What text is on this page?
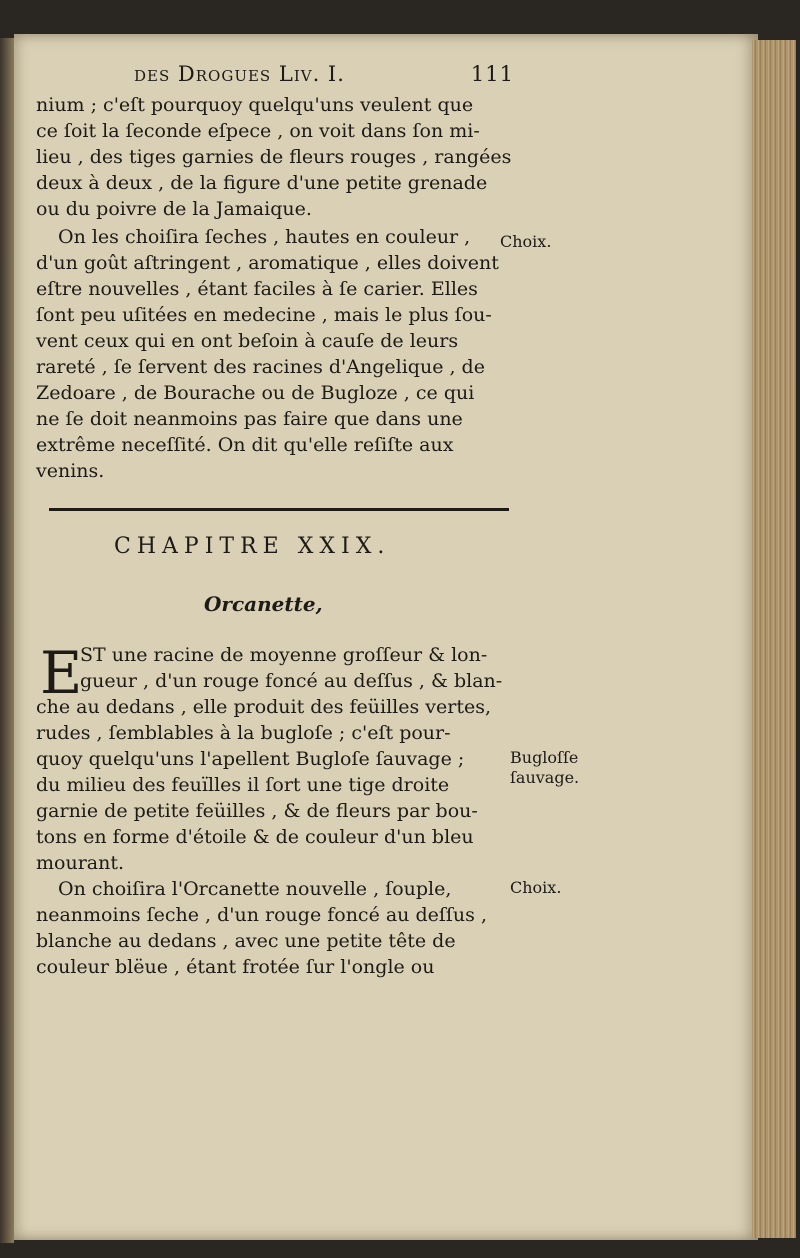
des Drogues Liv. I.	111
nium ; c'eſt pourquoy quelqu'uns veulent que
ce ſoit la ſeconde eſpece , on voit dans ſon mi-
lieu , des tiges garnies de fleurs rouges , rangées
deux à deux , de la figure d'une petite grenade
ou du poivre de la Jamaique.
On les choiſira ſeches , hautes en couleur ,
d'un goût aſtringent , aromatique , elles doivent
eſtre nouvelles , étant faciles à ſe carier. Elles
ſont peu uſitées en medecine , mais le plus ſou-
vent ceux qui en ont beſoin à cauſe de leurs
rareté , ſe ſervent des racines d'Angelique , de
Zedoare , de Bourache ou de Bugloze , ce qui
ne ſe doit neanmoins pas faire que dans une
extrême neceſſité. On dit qu'elle reſiſte aux
venins.
Choix.
CHAPITRE XXIX.
Orcanette,
E
ST une racine de moyenne groſſeur & lon-
gueur , d'un rouge foncé au deſſus , & blan-
che au dedans , elle produit des feüilles vertes,
rudes , ſemblables à la bugloſe ; c'eſt pour-
quoy quelqu'uns l'apellent Bugloſe ſauvage ;
du milieu des feuïlles il ſort une tige droite
garnie de petite feüilles , & de fleurs par bou-
tons en forme d'étoile & de couleur d'un bleu
mourant.
Bugloſſe
ſauvage.
On choiſira l'Orcanette nouvelle , ſouple,
neanmoins ſeche , d'un rouge foncé au deſſus ,
blanche au dedans , avec une petite tête de
couleur blëue , étant frotée ſur l'ongle ou
Choix.
